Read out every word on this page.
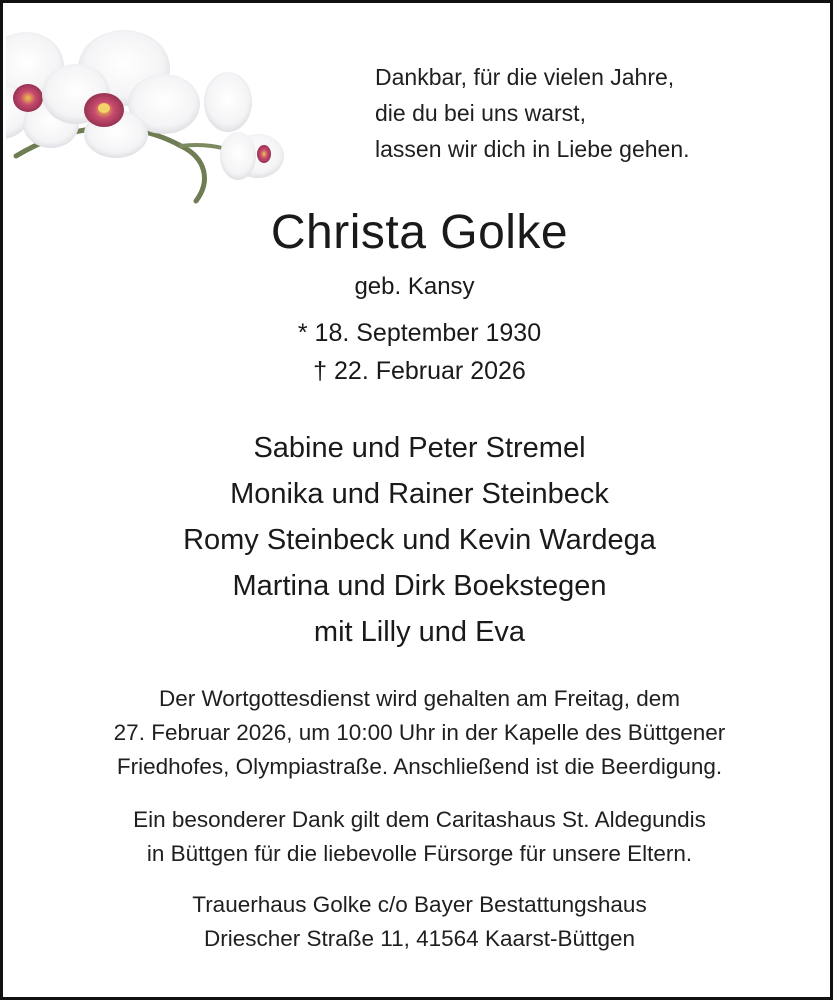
Dankbar, für die vielen Jahre,
die du bei uns warst,
lassen wir dich in Liebe gehen.
Christa Golke
geb. Kansy
* 18. September 1930
† 22. Februar 2026
Sabine und Peter Stremel
Monika und Rainer Steinbeck
Romy Steinbeck und Kevin Wardega
Martina und Dirk Boekstegen
mit Lilly und Eva
Der Wortgottesdienst wird gehalten am Freitag, dem
27. Februar 2026, um 10:00 Uhr in der Kapelle des Büttgener
Friedhofes, Olympiastraße. Anschließend ist die Beerdigung.
Ein besonderer Dank gilt dem Caritashaus St. Aldegundis
in Büttgen für die liebevolle Fürsorge für unsere Eltern.
Trauerhaus Golke c/o Bayer Bestattungshaus
Driescher Straße 11, 41564 Kaarst-Büttgen
